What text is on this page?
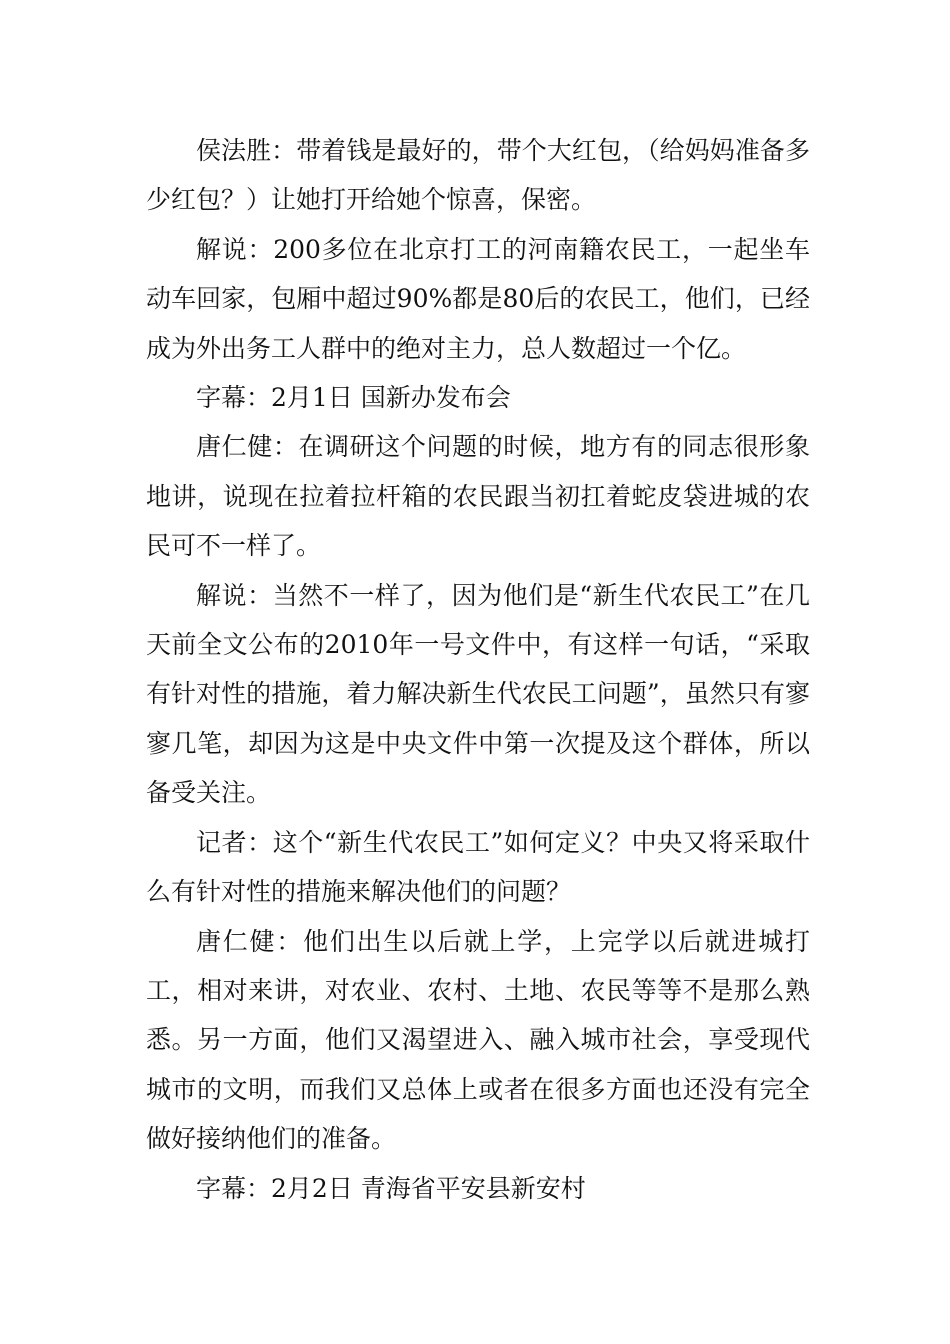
侯法胜：带着钱是最好的，带个大红包，（给妈妈准备多少红包？）让她打开给她个惊喜，保密。

解说：200多位在北京打工的河南籍农民工，一起坐车动车回家，包厢中超过90%都是80后的农民工，他们，已经成为外出务工人群中的绝对主力，总人数超过一个亿。

字幕：2月1日 国新办发布会

唐仁健：在调研这个问题的时候，地方有的同志很形象地讲，说现在拉着拉杆箱的农民跟当初扛着蛇皮袋进城的农民可不一样了。

解说：当然不一样了，因为他们是“新生代农民工”在几天前全文公布的2010年一号文件中，有这样一句话，“采取有针对性的措施，着力解决新生代农民工问题”，虽然只有寥寥几笔，却因为这是中央文件中第一次提及这个群体，所以备受关注。

记者：这个“新生代农民工”如何定义？中央又将采取什么有针对性的措施来解决他们的问题？

唐仁健：他们出生以后就上学，上完学以后就进城打工，相对来讲，对农业、农村、土地、农民等等不是那么熟悉。另一方面，他们又渴望进入、融入城市社会，享受现代城市的文明，而我们又总体上或者在很多方面也还没有完全做好接纳他们的准备。

字幕：2月2日 青海省平安县新安村
